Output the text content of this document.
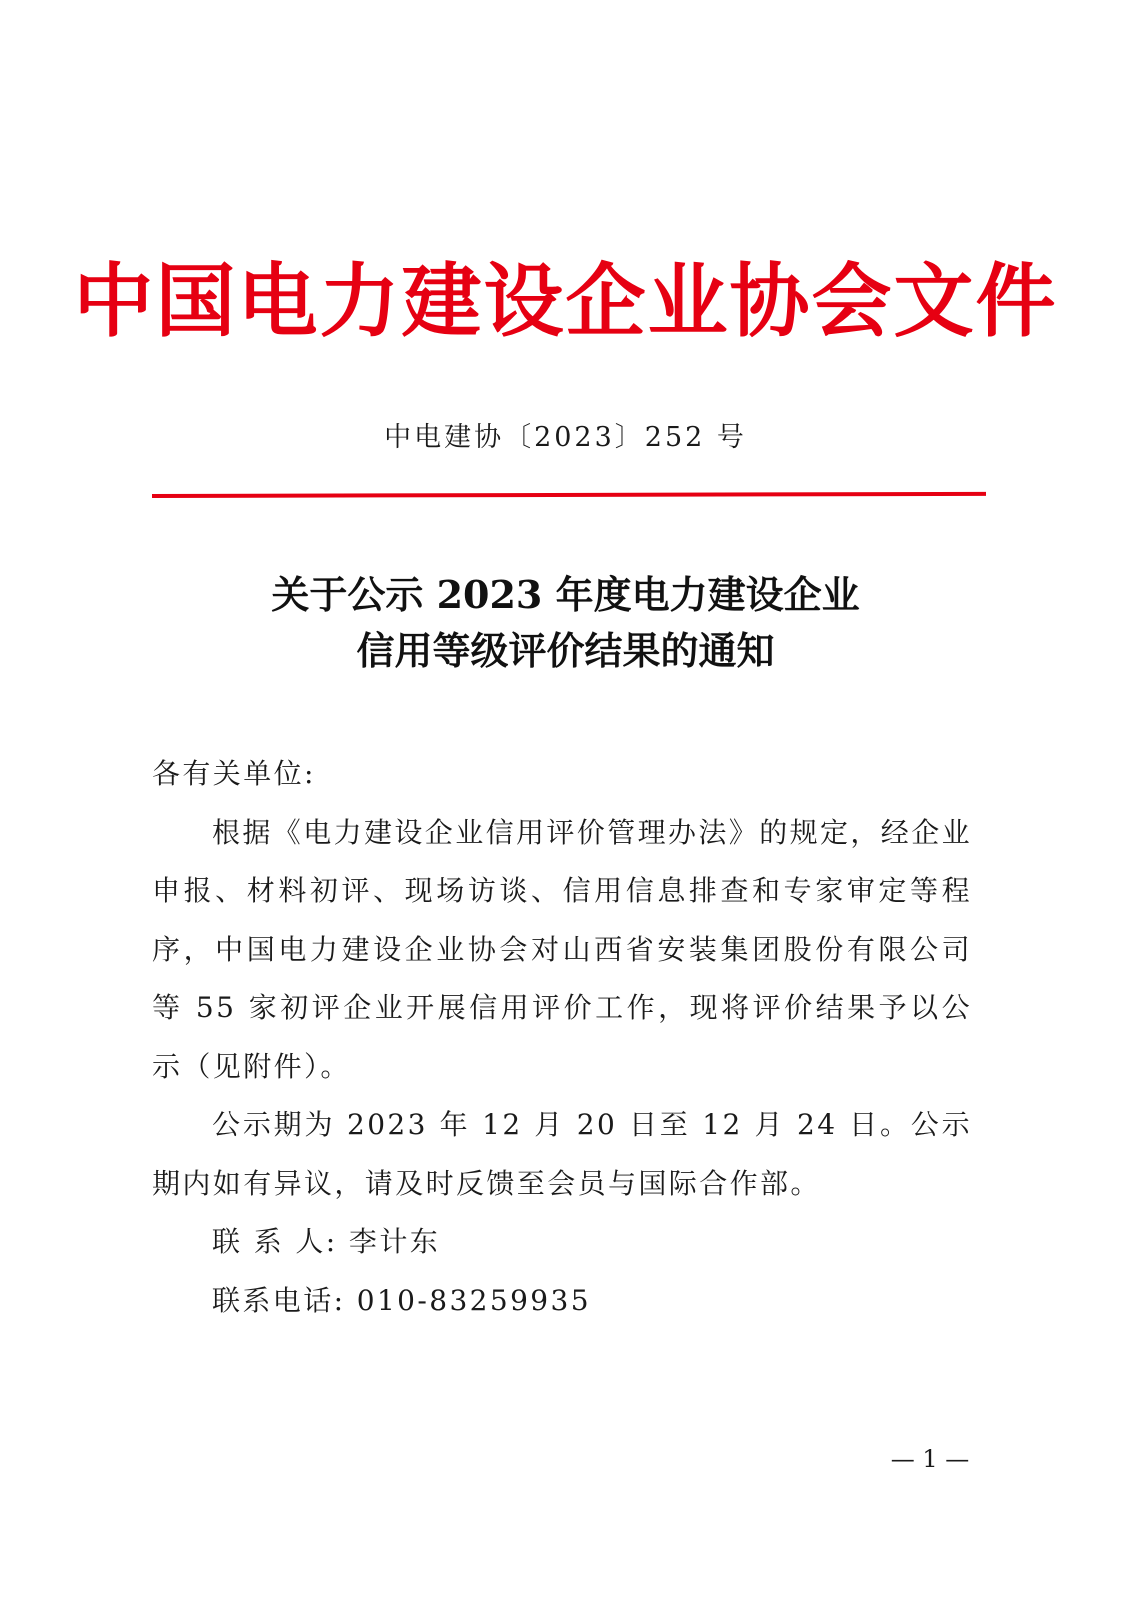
中国电力建设企业协会文件
中电建协〔2023〕252 号
关于公示 2023 年度电力建设企业
信用等级评价结果的通知

各有关单位:

根据《电力建设企业信用评价管理办法》的规定，经企业申报、材料初评、现场访谈、信用信息排查和专家审定等程序，中国电力建设企业协会对山西省安装集团股份有限公司等 55 家初评企业开展信用评价工作，现将评价结果予以公示（见附件）。

公示期为 2023 年 12 月 20 日至 12 月 24 日。公示期内如有异议，请及时反馈至会员与国际合作部。

联 系 人: 李计东

联系电话: 010-83259935

— 1 —
